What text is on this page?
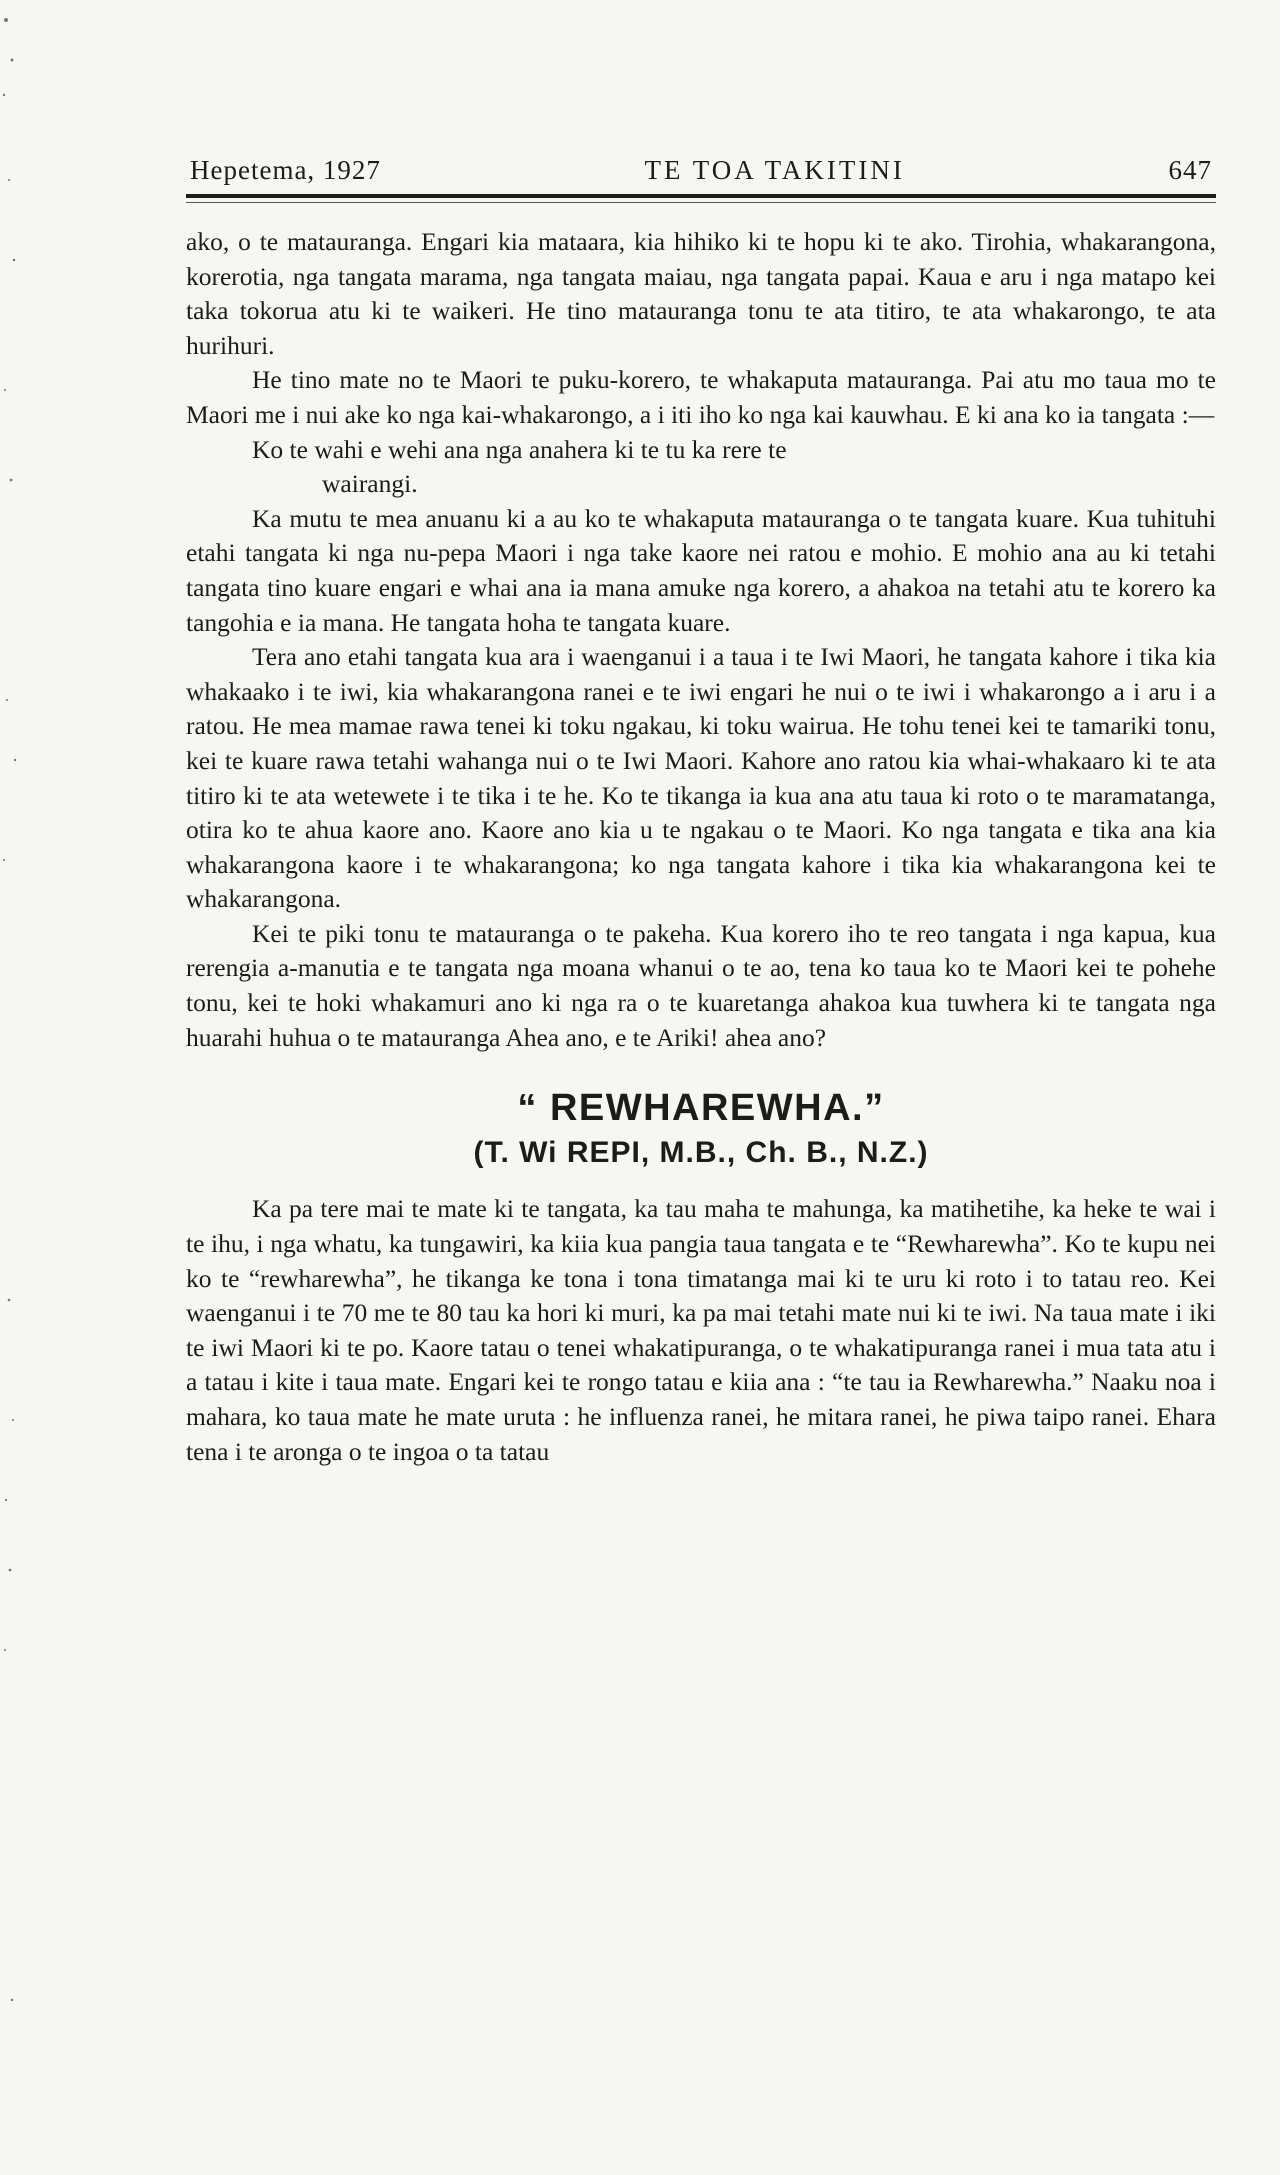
Hepetema, 1927	TE TOA TAKITINI	647

ako, o te matauranga. Engari kia mataara, kia hihiko ki te hopu ki te ako. Tirohia, whakarangona, korerotia, nga tangata marama, nga tangata maiau, nga tangata papai. Kaua e aru i nga matapo kei taka tokorua atu ki te waikeri. He tino matauranga tonu te ata titiro, te ata whakarongo, te ata hurihuri.

He tino mate no te Maori te puku-korero, te whakaputa matauranga. Pai atu mo taua mo te Maori me i nui ake ko nga kai-whakarongo, a i iti iho ko nga kai kauwhau. E ki ana ko ia tangata :—

Ko te wahi e wehi ana nga anahera ki te tu ka rere te
wairangi.

Ka mutu te mea anuanu ki a au ko te whakaputa matauranga o te tangata kuare. Kua tuhituhi etahi tangata ki nga nu-pepa Maori i nga take kaore nei ratou e mohio. E mohio ana au ki tetahi tangata tino kuare engari e whai ana ia mana amuke nga korero, a ahakoa na tetahi atu te korero ka tangohia e ia mana. He tangata hoha te tangata kuare.

Tera ano etahi tangata kua ara i waenganui i a taua i te Iwi Maori, he tangata kahore i tika kia whakaako i te iwi, kia whakarangona ranei e te iwi engari he nui o te iwi i whakarongo a i aru i a ratou. He mea mamae rawa tenei ki toku ngakau, ki toku wairua. He tohu tenei kei te tamariki tonu, kei te kuare rawa tetahi wahanga nui o te Iwi Maori. Kahore ano ratou kia whai-whakaaro ki te ata titiro ki te ata wetewete i te tika i te he. Ko te tikanga ia kua ana atu taua ki roto o te maramatanga, otira ko te ahua kaore ano. Kaore ano kia u te ngakau o te Maori. Ko nga tangata e tika ana kia whakarangona kaore i te whakarangona; ko nga tangata kahore i tika kia whakarangona kei te whakarangona.

Kei te piki tonu te matauranga o te pakeha. Kua korero iho te reo tangata i nga kapua, kua rerengia a-manutia e te tangata nga moana whanui o te ao, tena ko taua ko te Maori kei te pohehe tonu, kei te hoki whakamuri ano ki nga ra o te kuaretanga ahakoa kua tuwhera ki te tangata nga huarahi huhua o te matauranga Ahea ano, e te Ariki! ahea ano?

“ REWHAREWHA.”
(T. Wi REPI, M.B., Ch. B., N.Z.)

Ka pa tere mai te mate ki te tangata, ka tau maha te mahunga, ka matihetihe, ka heke te wai i te ihu, i nga whatu, ka tungawiri, ka kiia kua pangia taua tangata e te “Rewharewha”. Ko te kupu nei ko te “rewharewha”, he tikanga ke tona i tona timatanga mai ki te uru ki roto i to tatau reo. Kei waenganui i te 70 me te 80 tau ka hori ki muri, ka pa mai tetahi mate nui ki te iwi. Na taua mate i iki te iwi Maori ki te po. Kaore tatau o tenei whakatipuranga, o te whakatipuranga ranei i mua tata atu i a tatau i kite i taua mate. Engari kei te rongo tatau e kiia ana : “te tau ia Rewharewha.” Naaku noa i mahara, ko taua mate he mate uruta : he influenza ranei, he mitara ranei, he piwa taipo ranei. Ehara tena i te aronga o te ingoa o ta tatau
